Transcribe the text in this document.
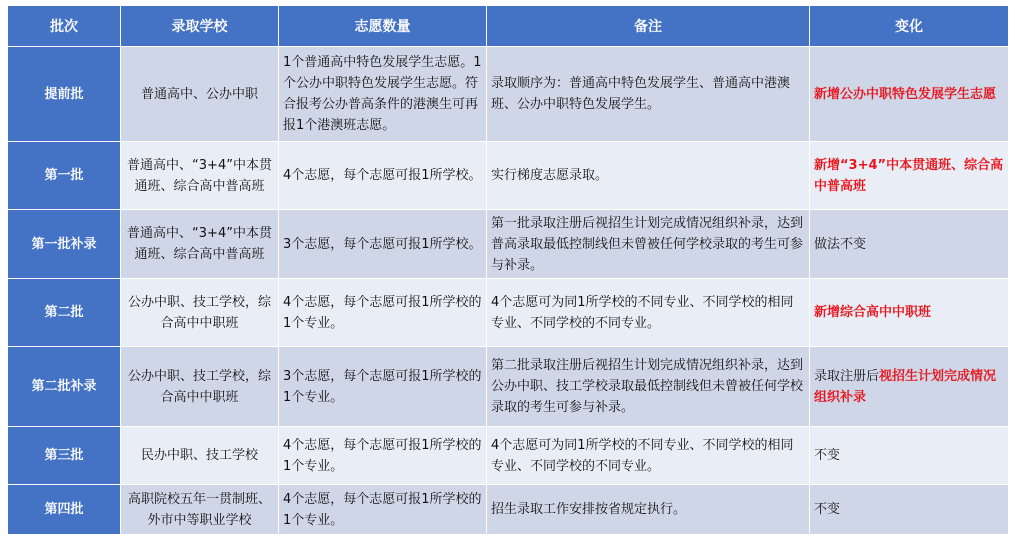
批次	录取学校	志愿数量	备注	变化
提前批	普通高中、公办中职	1个普通高中特色发展学生志愿。1个公办中职特色发展学生志愿。符合报考公办普高条件的港澳生可再报1个港澳班志愿。	录取顺序为：普通高中特色发展学生、普通高中港澳班、公办中职特色发展学生。	新增公办中职特色发展学生志愿
第一批	普通高中、“3+4”中本贯通班、综合高中普高班	4个志愿，每个志愿可报1所学校。	实行梯度志愿录取。	新增“3+4”中本贯通班、综合高中普高班
第一批补录	普通高中、“3+4”中本贯通班、综合高中普高班	3个志愿，每个志愿可报1所学校。	第一批录取注册后视招生计划完成情况组织补录，达到普高录取最低控制线但未曾被任何学校录取的考生可参与补录。	做法不变
第二批	公办中职、技工学校，综合高中中职班	4个志愿，每个志愿可报1所学校的1个专业。	4个志愿可为同1所学校的不同专业、不同学校的相同专业、不同学校的不同专业。	新增综合高中中职班
第二批补录	公办中职、技工学校，综合高中中职班	3个志愿，每个志愿可报1所学校的1个专业。	第二批录取注册后视招生计划完成情况组织补录，达到公办中职、技工学校录取最低控制线但未曾被任何学校录取的考生可参与补录。	录取注册后视招生计划完成情况组织补录
第三批	民办中职、技工学校	4个志愿，每个志愿可报1所学校的1个专业。	4个志愿可为同1所学校的不同专业、不同学校的相同专业、不同学校的不同专业。	不变
第四批	高职院校五年一贯制班、外市中等职业学校	4个志愿，每个志愿可报1所学校的1个专业。	招生录取工作安排按省规定执行。	不变
